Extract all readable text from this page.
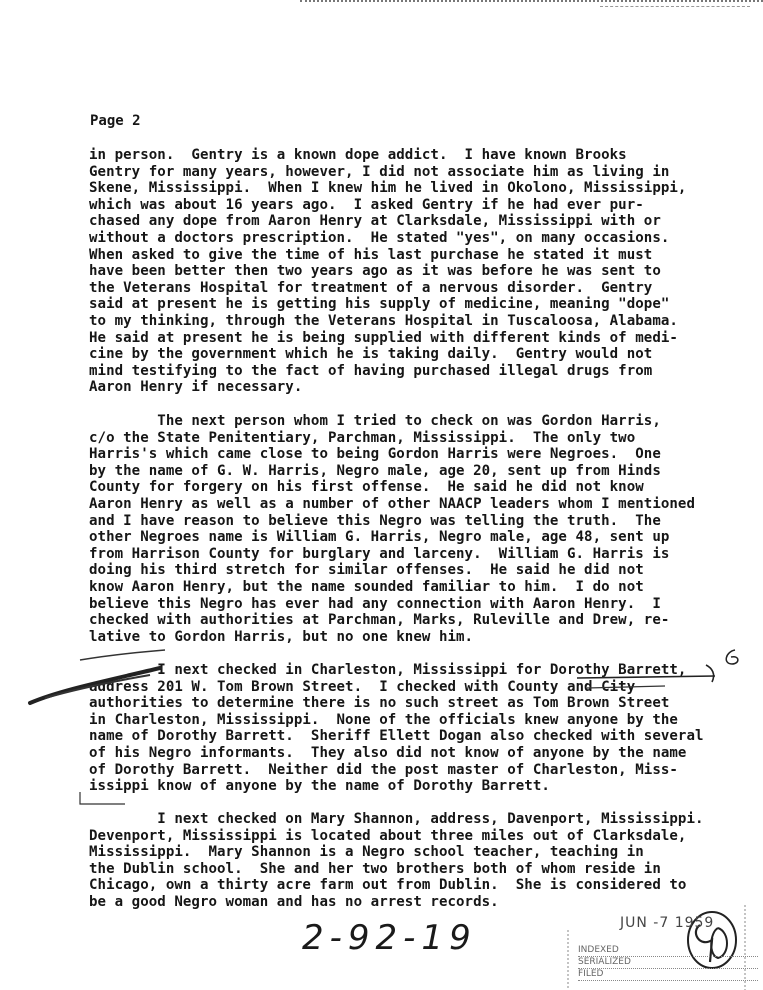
Page 2
in person.  Gentry is a known dope addict.  I have known Brooks
Gentry for many years, however, I did not associate him as living in
Skene, Mississippi.  When I knew him he lived in Okolono, Mississippi,
which was about 16 years ago.  I asked Gentry if he had ever pur-
chased any dope from Aaron Henry at Clarksdale, Mississippi with or
without a doctors prescription.  He stated "yes", on many occasions.
When asked to give the time of his last purchase he stated it must
have been better then two years ago as it was before he was sent to
the Veterans Hospital for treatment of a nervous disorder.  Gentry
said at present he is getting his supply of medicine, meaning "dope"
to my thinking, through the Veterans Hospital in Tuscaloosa, Alabama.
He said at present he is being supplied with different kinds of medi-
cine by the government which he is taking daily.  Gentry would not
mind testifying to the fact of having purchased illegal drugs from
Aaron Henry if necessary.
The next person whom I tried to check on was Gordon Harris,
c/o the State Penitentiary, Parchman, Mississippi.  The only two
Harris's which came close to being Gordon Harris were Negroes.  One
by the name of G. W. Harris, Negro male, age 20, sent up from Hinds
County for forgery on his first offense.  He said he did not know
Aaron Henry as well as a number of other NAACP leaders whom I mentioned
and I have reason to believe this Negro was telling the truth.  The
other Negroes name is William G. Harris, Negro male, age 48, sent up
from Harrison County for burglary and larceny.  William G. Harris is
doing his third stretch for similar offenses.  He said he did not
know Aaron Henry, but the name sounded familiar to him.  I do not
believe this Negro has ever had any connection with Aaron Henry.  I
checked with authorities at Parchman, Marks, Ruleville and Drew, re-
lative to Gordon Harris, but no one knew him.
I next checked in Charleston, Mississippi for Dorothy Barrett,
address 201 W. Tom Brown Street.  I checked with County and City
authorities to determine there is no such street as Tom Brown Street
in Charleston, Mississippi.  None of the officials knew anyone by the
name of Dorothy Barrett.  Sheriff Ellett Dogan also checked with several
of his Negro informants.  They also did not know of anyone by the name
of Dorothy Barrett.  Neither did the post master of Charleston, Miss-
issippi know of anyone by the name of Dorothy Barrett.
I next checked on Mary Shannon, address, Davenport, Mississippi.
Devenport, Mississippi is located about three miles out of Clarksdale,
Mississippi.  Mary Shannon is a Negro school teacher, teaching in
the Dublin school.  She and her two brothers both of whom reside in
Chicago, own a thirty acre farm out from Dublin.  She is considered to
be a good Negro woman and has no arrest records.
2-92-19	JUN -7 1959
INDEXED
SERIALIZED
FILED
